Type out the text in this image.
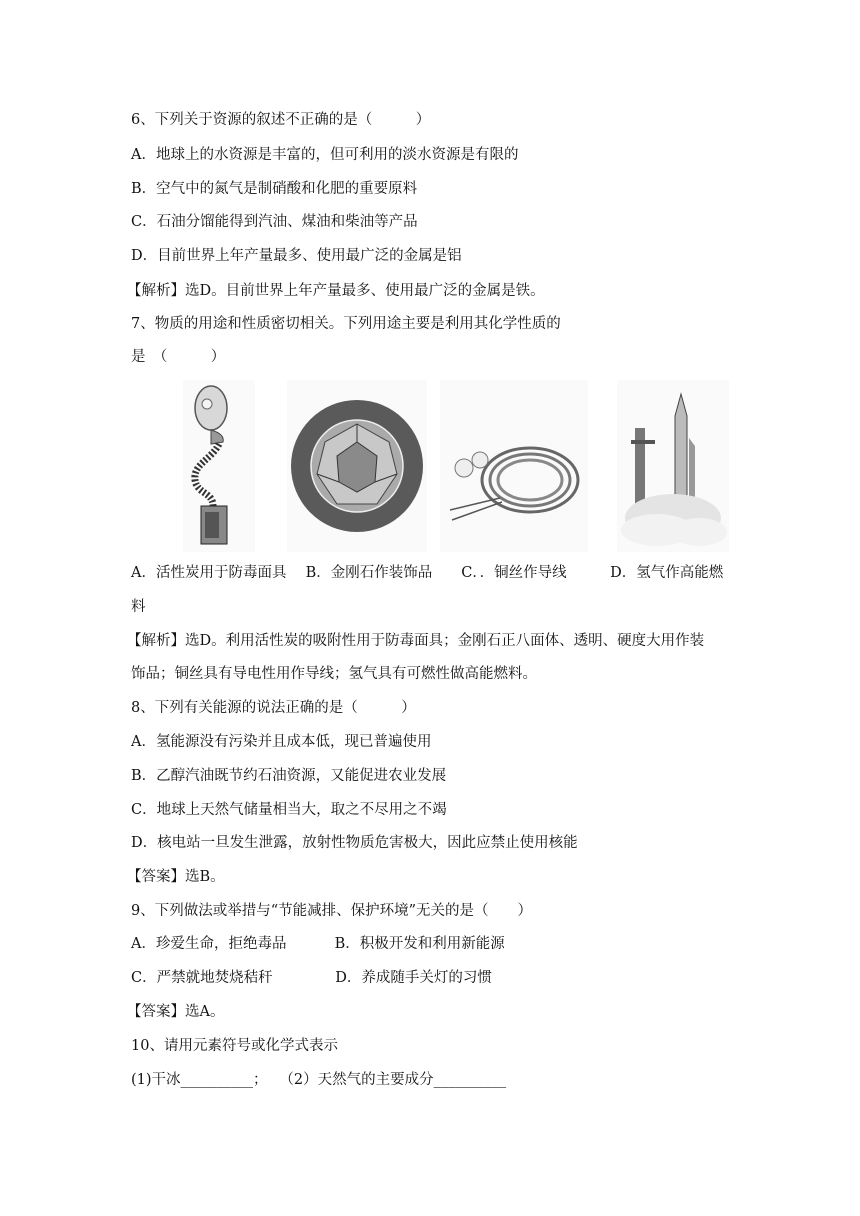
6、下列关于资源的叙述不正确的是（　　　）
A．地球上的水资源是丰富的，但可利用的淡水资源是有限的
B．空气中的氮气是制硝酸和化肥的重要原料
C．石油分馏能得到汽油、煤油和柴油等产品
D．目前世界上年产量最多、使用最广泛的金属是铝
【解析】选D。目前世界上年产量最多、使用最广泛的金属是铁。
7、物质的用途和性质密切相关。下列用途主要是利用其化学性质的
是　（　　　）
A．活性炭用于防毒面具　 B．金刚石作装饰品　　C．．铜丝作导线　　　D．氢气作高能燃
料
【解析】选D。利用活性炭的吸附性用于防毒面具；金刚石正八面体、透明、硬度大用作装
饰品；铜丝具有导电性用作导线；氢气具有可燃性做高能燃料。
8、下列有关能源的说法正确的是（　　　）
A．氢能源没有污染并且成本低，现已普遍使用
B．乙醇汽油既节约石油资源，又能促进农业发展
C．地球上天然气储量相当大，取之不尽用之不竭
D．核电站一旦发生泄露，放射性物质危害极大，因此应禁止使用核能
【答案】选B。
9、下列做法或举措与“节能减排、保护环境”无关的是（　　）
A．珍爱生命，拒绝毒品　　　 B．积极开发和利用新能源
C．严禁就地焚烧秸秆　　　　 D．养成随手关灯的习惯
【答案】选A。
10、请用元素符号或化学式表示
(1)干冰__________；　 （2）天然气的主要成分__________
